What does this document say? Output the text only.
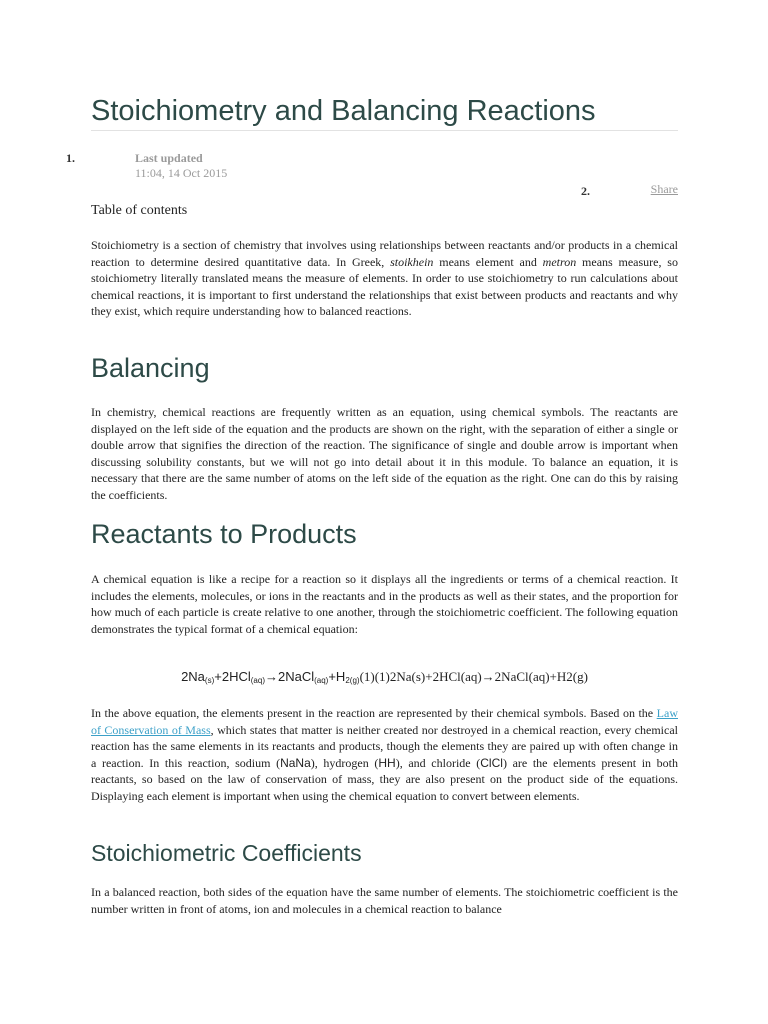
Stoichiometry and Balancing Reactions
1.	Last updated
11:04, 14 Oct 2015
2.	Share
Table of contents

Stoichiometry is a section of chemistry that involves using relationships between reactants and/or products in a chemical reaction to determine desired quantitative data. In Greek, stoikhein means element and metron means measure, so stoichiometry literally translated means the measure of elements. In order to use stoichiometry to run calculations about chemical reactions, it is important to first understand the relationships that exist between products and reactants and why they exist, which require understanding how to balanced reactions.

Balancing

In chemistry, chemical reactions are frequently written as an equation, using chemical symbols. The reactants are displayed on the left side of the equation and the products are shown on the right, with the separation of either a single or double arrow that signifies the direction of the reaction. The significance of single and double arrow is important when discussing solubility constants, but we will not go into detail about it in this module. To balance an equation, it is necessary that there are the same number of atoms on the left side of the equation as the right. One can do this by raising the coefficients.

Reactants to Products

A chemical equation is like a recipe for a reaction so it displays all the ingredients or terms of a chemical reaction. It includes the elements, molecules, or ions in the reactants and in the products as well as their states, and the proportion for how much of each particle is create relative to one another, through the stoichiometric coefficient. The following equation demonstrates the typical format of a chemical equation:

$2Na_{(s)}+2HCl_{(aq)}\to 2NaCl_{(aq)}+H_{2(g)}(1)(1)2Na(s)+2HCl(aq)\to 2NaCl(aq)+H2(g)$

In the above equation, the elements present in the reaction are represented by their chemical symbols. Based on the Law of Conservation of Mass, which states that matter is neither created nor destroyed in a chemical reaction, every chemical reaction has the same elements in its reactants and products, though the elements they are paired up with often change in a reaction. In this reaction, sodium (NaNa), hydrogen (HH), and chloride (ClCl) are the elements present in both reactants, so based on the law of conservation of mass, they are also present on the product side of the equations. Displaying each element is important when using the chemical equation to convert between elements.

Stoichiometric Coefficients

In a balanced reaction, both sides of the equation have the same number of elements. The stoichiometric coefficient is the number written in front of atoms, ion and molecules in a chemical reaction to balance
